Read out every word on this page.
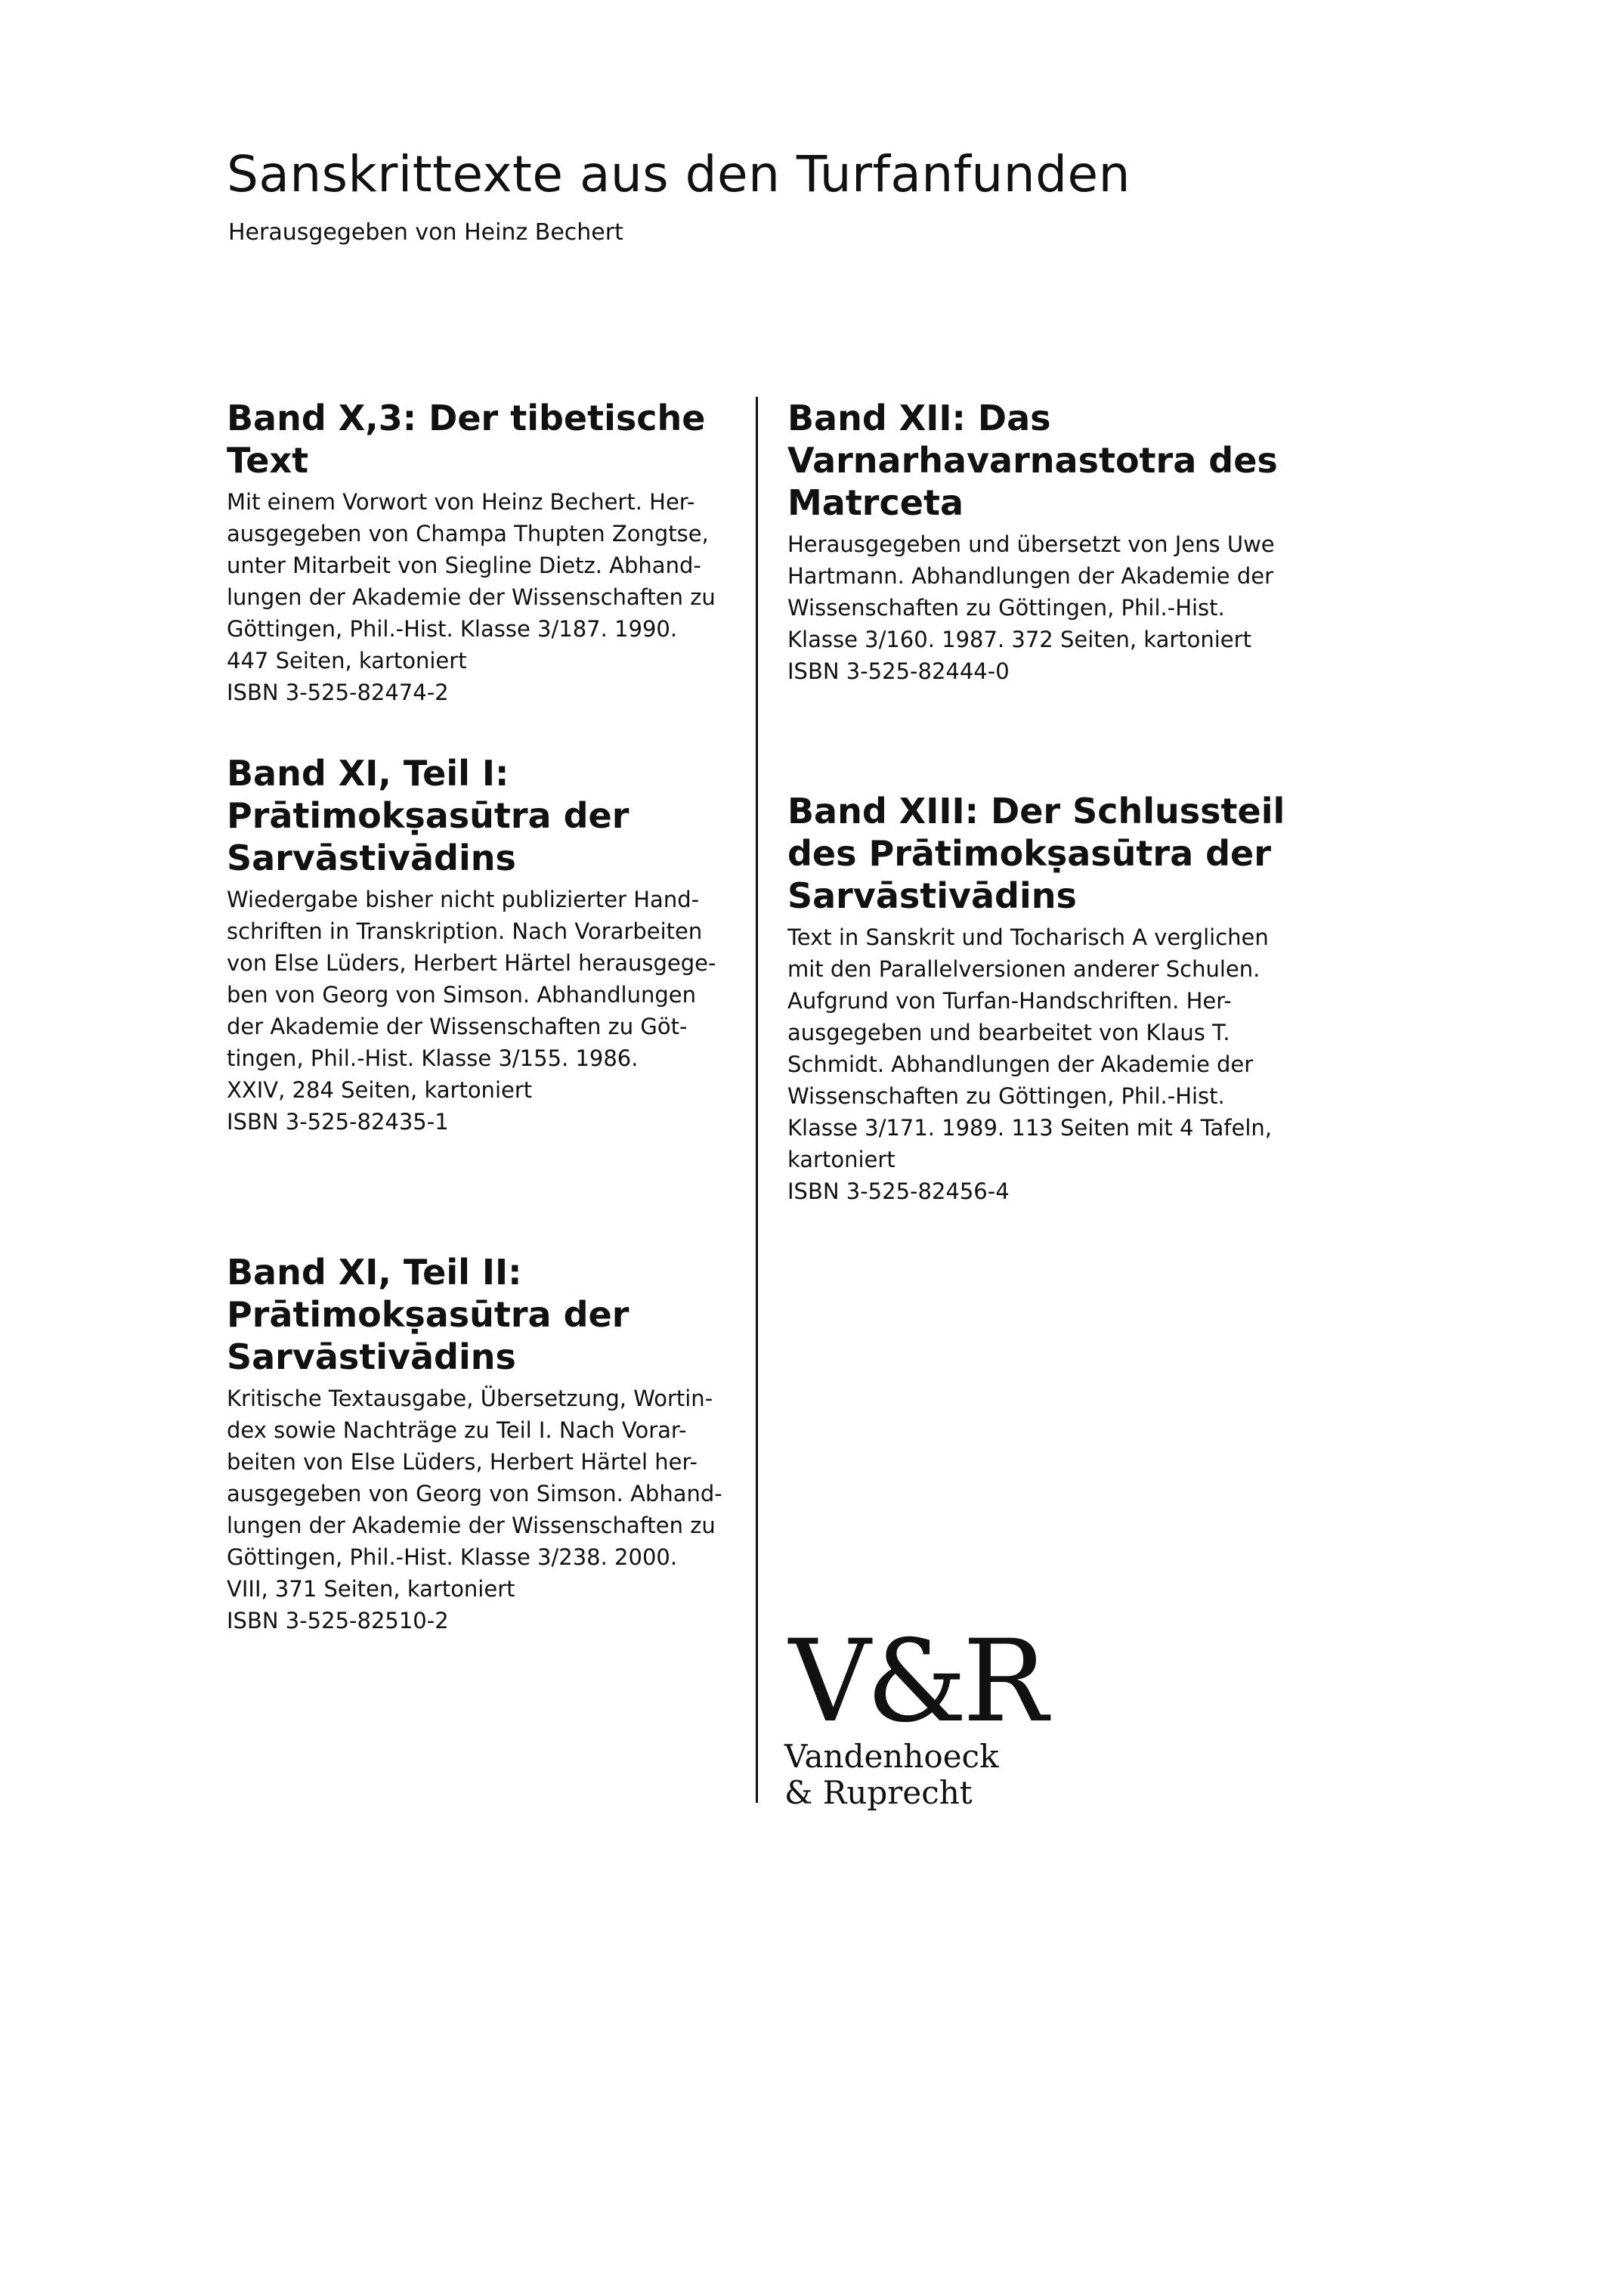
Sanskrittexte aus den Turfanfunden
Herausgegeben von Heinz Bechert
Band X,3: Der tibetische Text

Mit einem Vorwort von Heinz Bechert. Her-
ausgegeben von Champa Thupten Zongtse,
unter Mitarbeit von Siegline Dietz. Abhand-
lungen der Akademie der Wissenschaften zu
Göttingen, Phil.-Hist. Klasse 3/187. 1990.
447 Seiten, kartoniert
ISBN 3-525-82474-2

Band XI, Teil I:
Prātimokṣasūtra der
Sarvāstivādins

Wiedergabe bisher nicht publizierter Hand-
schriften in Transkription. Nach Vorarbeiten
von Else Lüders, Herbert Härtel herausgege-
ben von Georg von Simson. Abhandlungen
der Akademie der Wissenschaften zu Göt-
tingen, Phil.-Hist. Klasse 3/155. 1986.
XXIV, 284 Seiten, kartoniert
ISBN 3-525-82435-1

Band XI, Teil II:
Prātimokṣasūtra der
Sarvāstivādins

Kritische Textausgabe, Übersetzung, Wortin-
dex sowie Nachträge zu Teil I. Nach Vorar-
beiten von Else Lüders, Herbert Härtel her-
ausgegeben von Georg von Simson. Abhand-
lungen der Akademie der Wissenschaften zu
Göttingen, Phil.-Hist. Klasse 3/238. 2000.
VIII, 371 Seiten, kartoniert
ISBN 3-525-82510-2

Band XII: Das
Varnarhavarnastotra des
Matrceta

Herausgegeben und übersetzt von Jens Uwe
Hartmann. Abhandlungen der Akademie der
Wissenschaften zu Göttingen, Phil.-Hist.
Klasse 3/160. 1987. 372 Seiten, kartoniert
ISBN 3-525-82444-0

Band XIII: Der Schlussteil
des Prātimokṣasūtra der
Sarvāstivādins

Text in Sanskrit und Tocharisch A verglichen
mit den Parallelversionen anderer Schulen.
Aufgrund von Turfan-Handschriften. Her-
ausgegeben und bearbeitet von Klaus T.
Schmidt. Abhandlungen der Akademie der
Wissenschaften zu Göttingen, Phil.-Hist.
Klasse 3/171. 1989. 113 Seiten mit 4 Tafeln,
kartoniert
ISBN 3-525-82456-4

V&R
Vandenhoeck
& Ruprecht
